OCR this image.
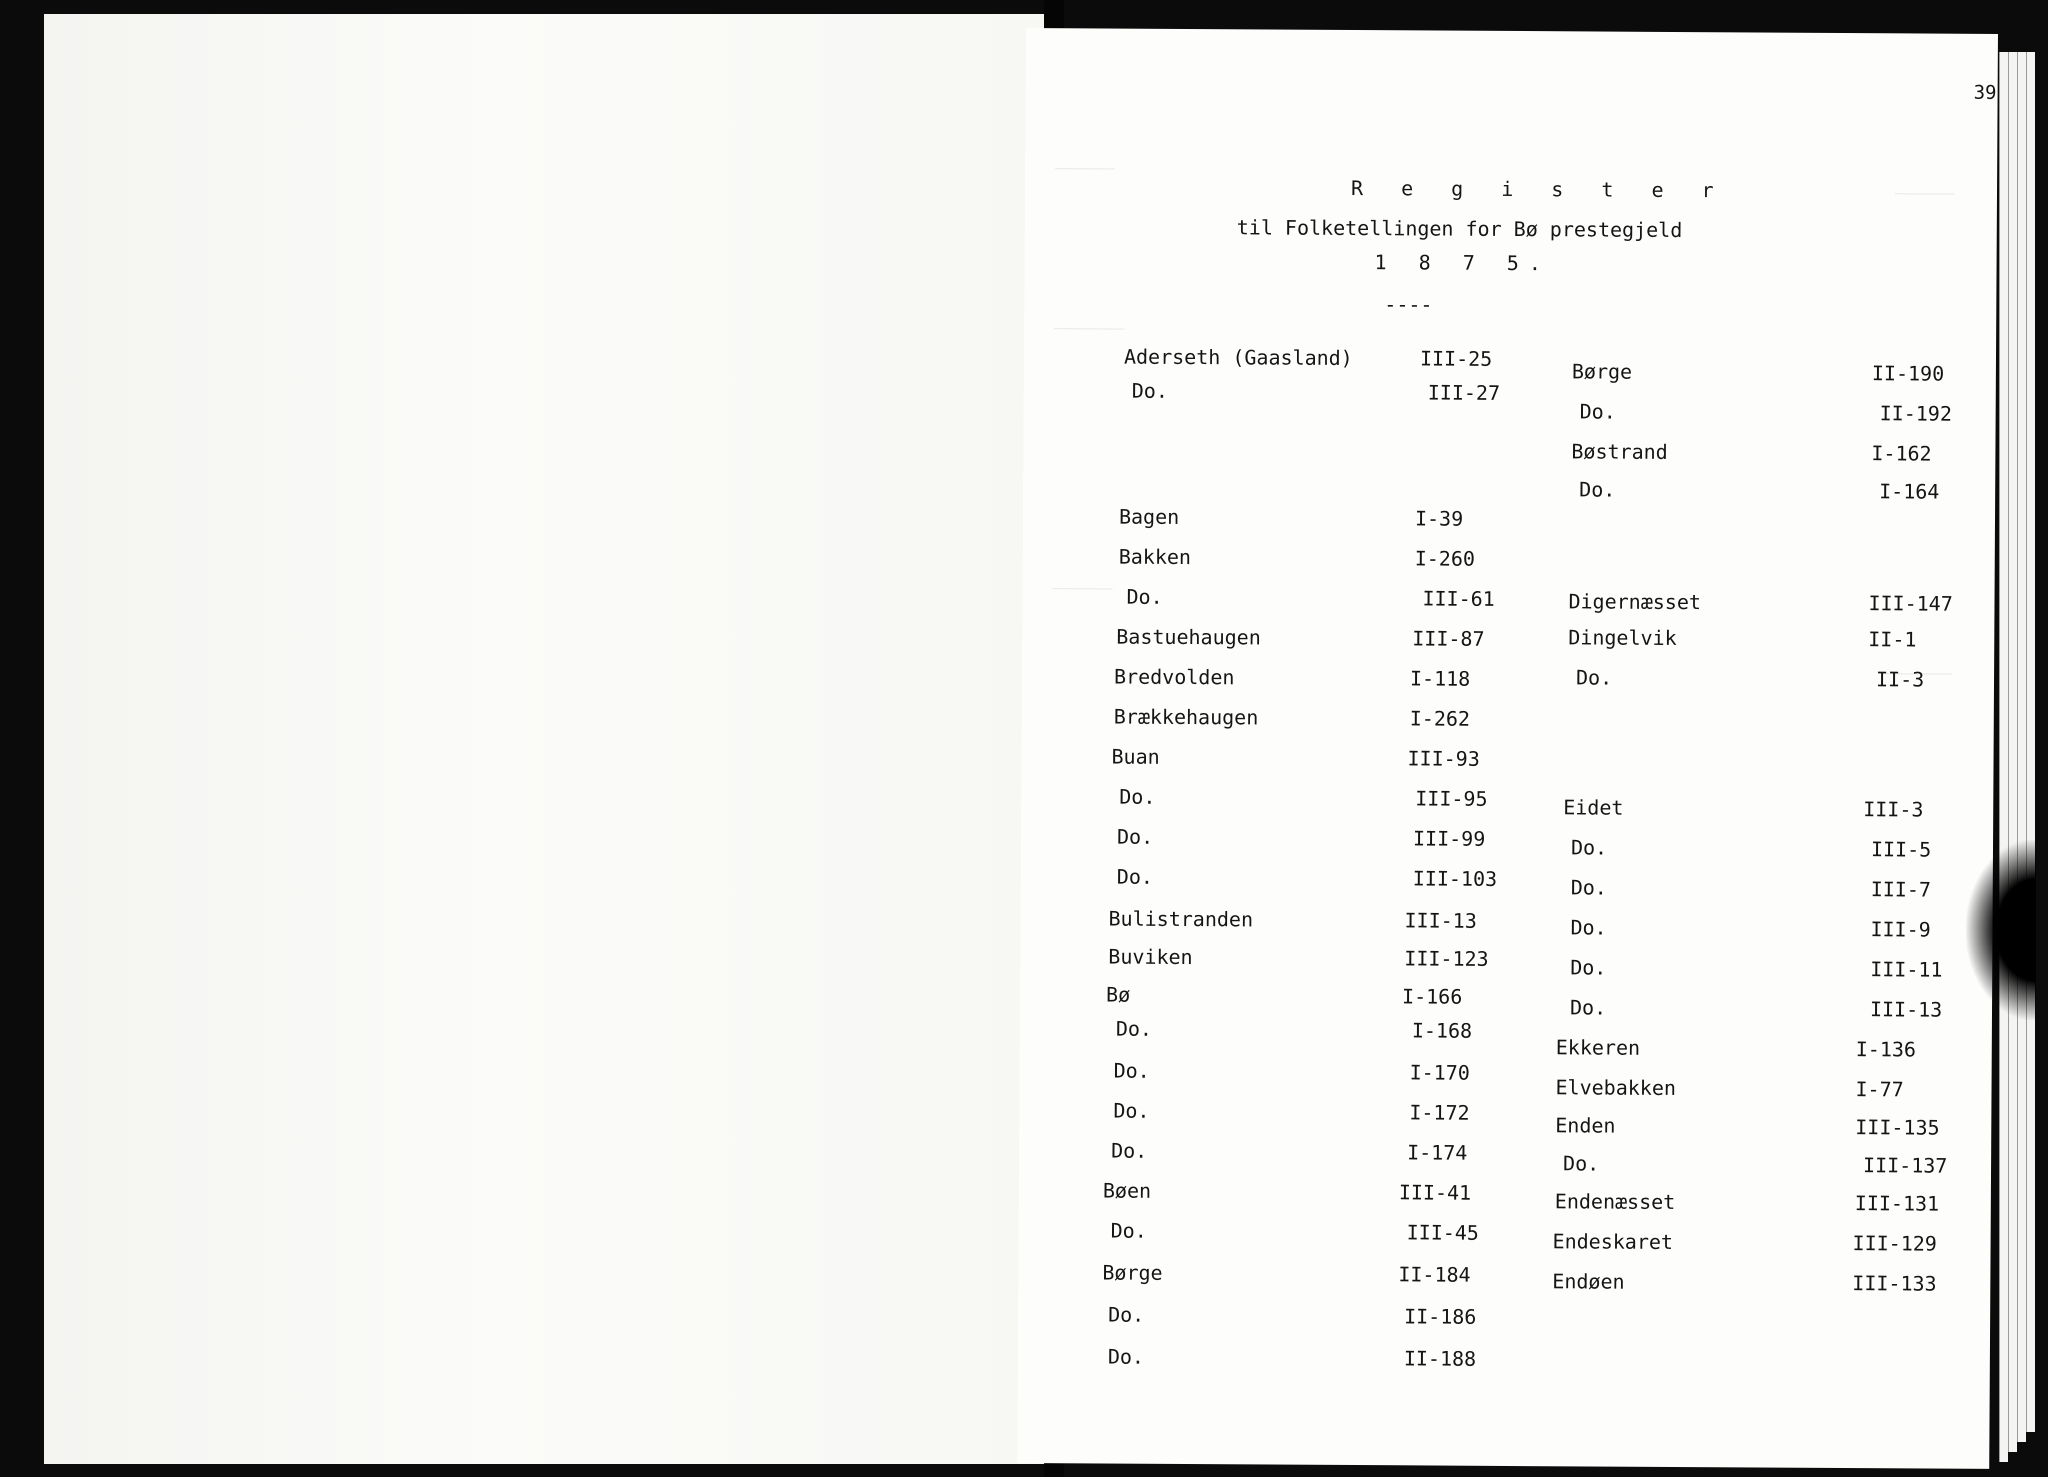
39
R e g i s t e r
til Folketellingen for Bø prestegjeld
1 8 7 5.
----
Aderseth (Gaasland)	III-25
Do.	III-27
Bagen	I-39
Bakken	I-260
Do.	III-61
Bastuehaugen	III-87
Bredvolden	I-118
Brækkehaugen	I-262
Buan	III-93
Do.	III-95
Do.	III-99
Do.	III-103
Bulistranden	III-13
Buviken	III-123
Bø	I-166
Do.	I-168
Do.	I-170
Do.	I-172
Do.	I-174
Bøen	III-41
Do.	III-45
Børge	II-184
Do.	II-186
Do.	II-188
Børge	II-190
Do.	II-192
Bøstrand	I-162
Do.	I-164
Digernæsset	III-147
Dingelvik	II-1
Do.	II-3
Eidet	III-3
Do.	III-5
Do.	III-7
Do.	III-9
Do.	III-11
Do.	III-13
Ekkeren	I-136
Elvebakken	I-77
Enden	III-135
Do.	III-137
Endenæsset	III-131
Endeskaret	III-129
Endøen	III-133
